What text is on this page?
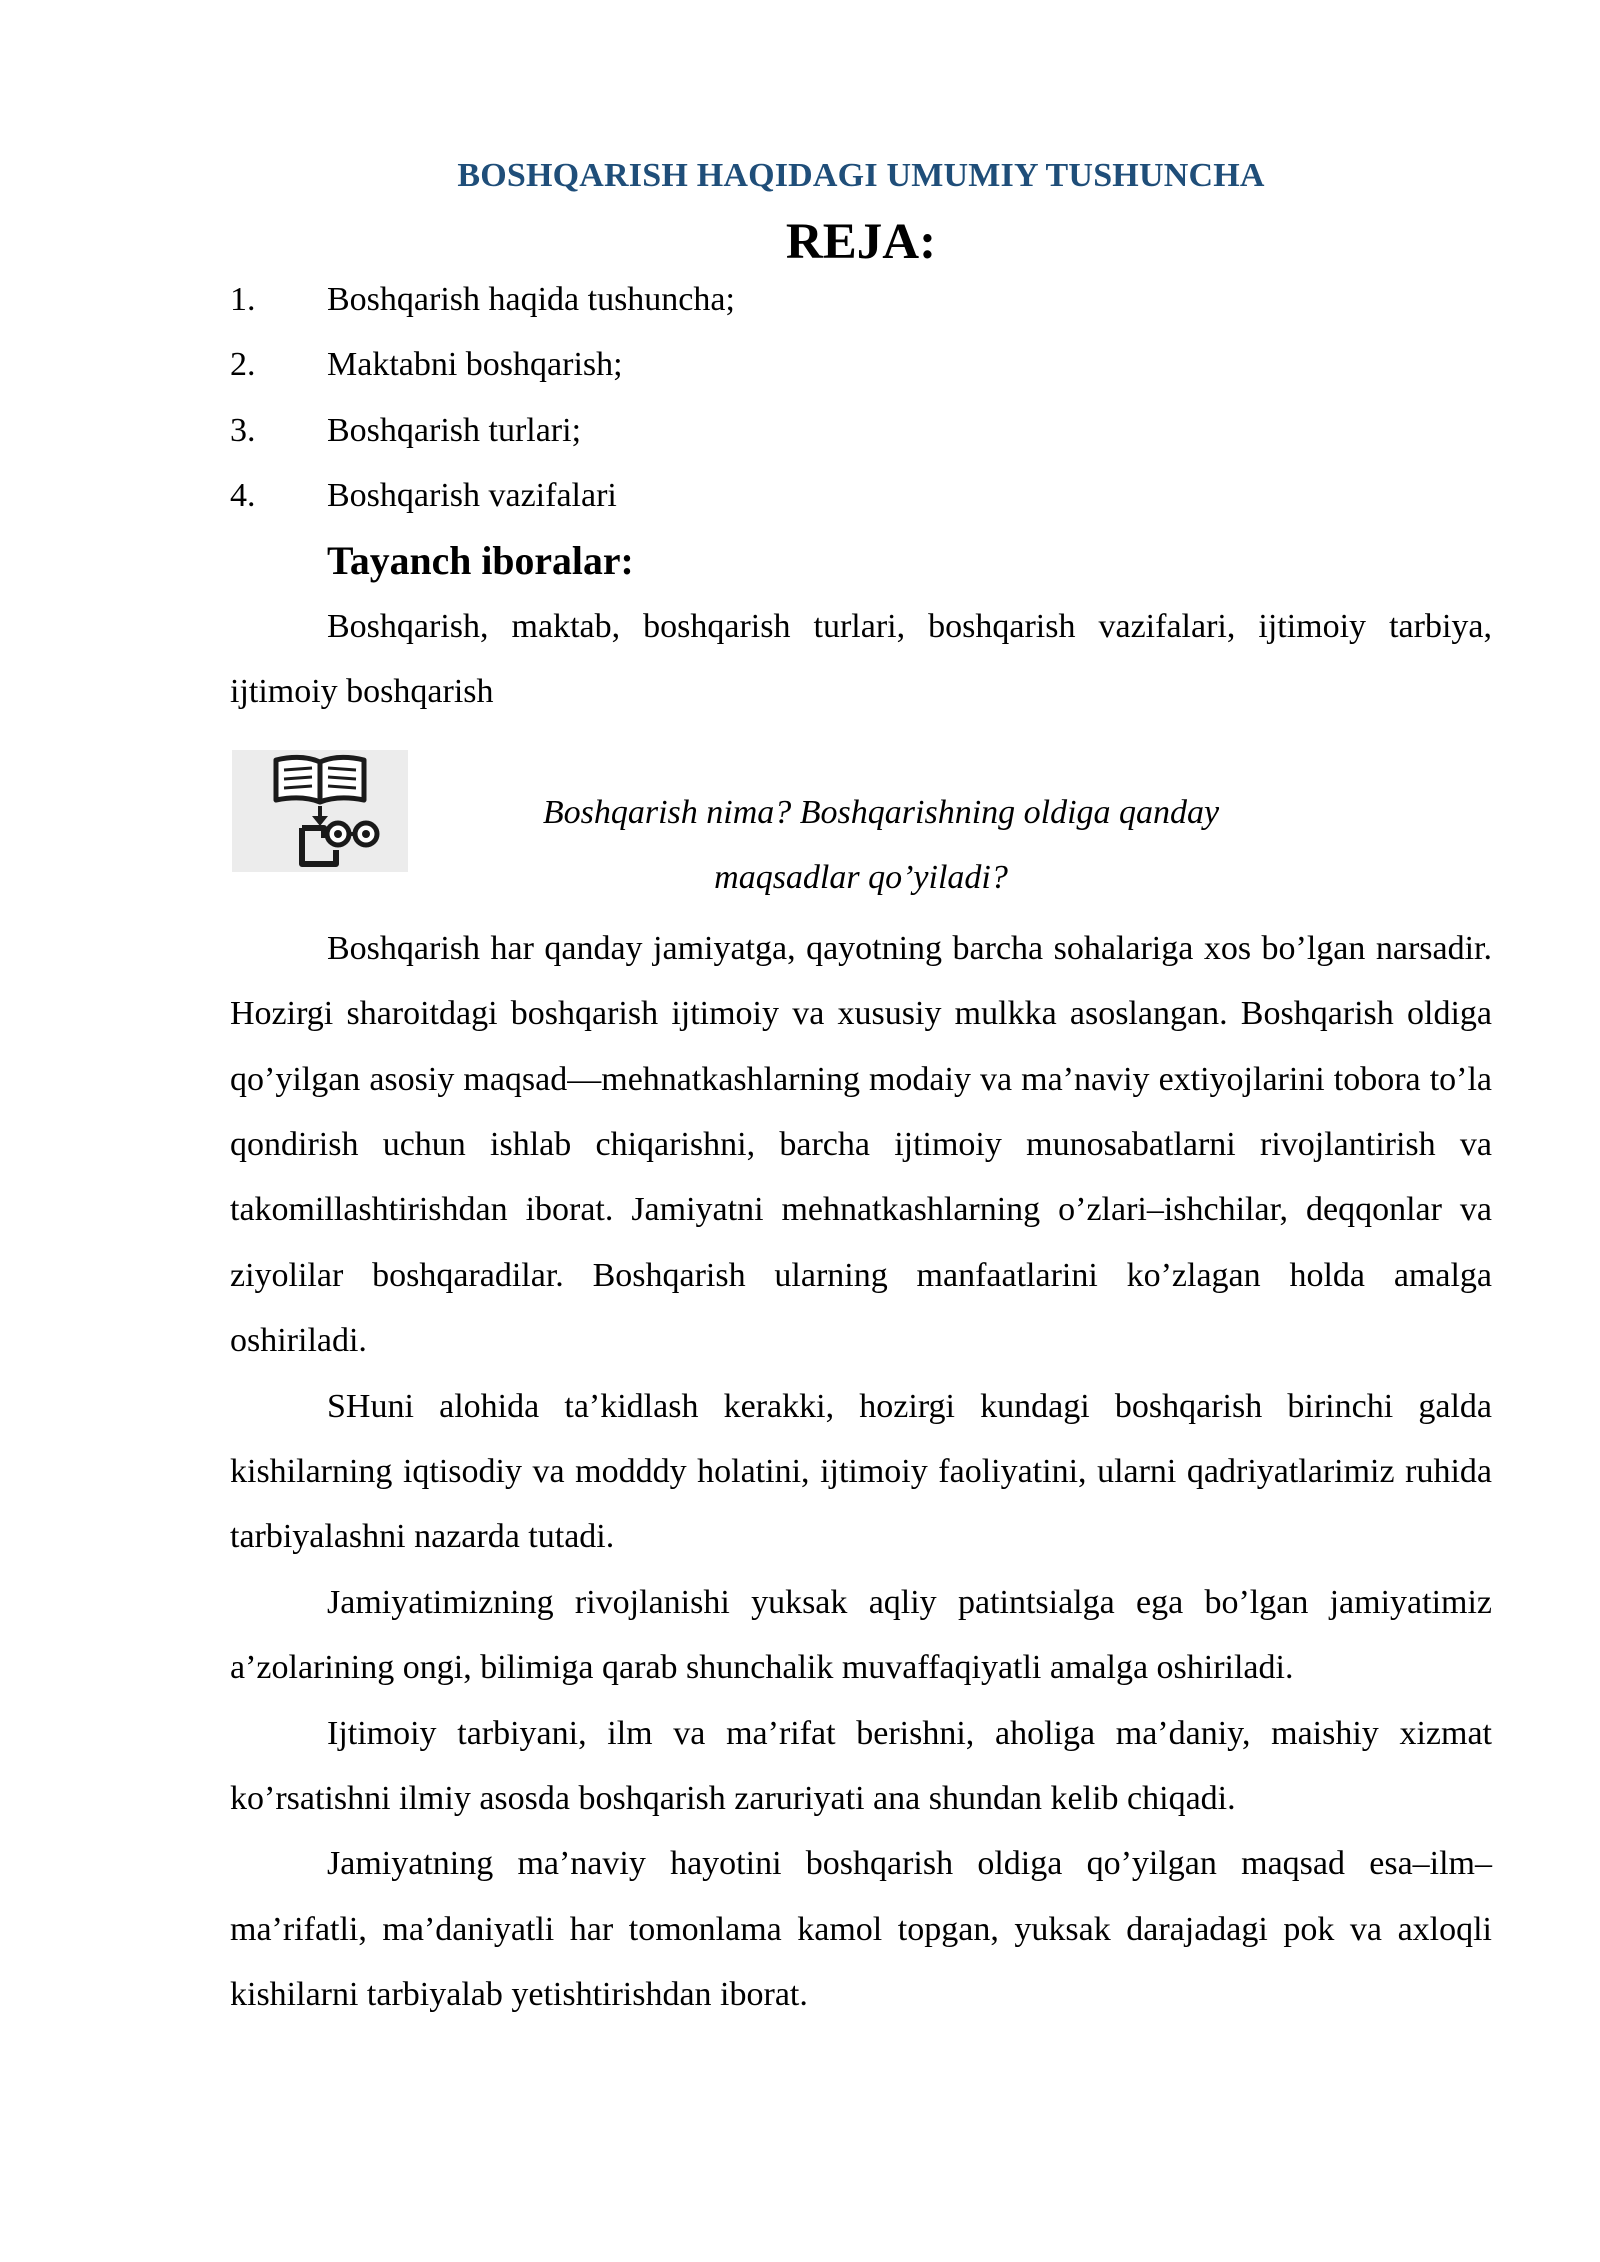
BOSHQARISH HAQIDAGI UMUMIY TUSHUNCHA
REJA:
1. Boshqarish haqida tushuncha;
2. Maktabni boshqarish;
3. Boshqarish turlari;
4. Boshqarish vazifalari
Tayanch iboralar:

Boshqarish, maktab, boshqarish turlari, boshqarish vazifalari, ijtimoiy tarbiya, ijtimoiy boshqarish

Boshqarish nima? Boshqarishning oldiga qanday
maqsadlar qo’yiladi?

Boshqarish har qanday jamiyatga, qayotning barcha sohalariga xos bo’lgan narsadir. Hozirgi sharoitdagi boshqarish ijtimoiy va xususiy mulkka asoslangan. Boshqarish oldiga qo’yilgan asosiy maqsad—mehnatkashlarning modaiy va ma’naviy extiyojlarini tobora to’la qondirish uchun ishlab chiqarishni, barcha ijtimoiy munosabatlarni rivojlantirish va takomillashtirishdan iborat. Jamiyatni mehnatkashlarning o’zlari–ishchilar, deqqonlar va ziyolilar boshqaradilar. Boshqarish ularning manfaatlarini ko’zlagan holda amalga oshiriladi.

SHuni alohida ta’kidlash kerakki, hozirgi kundagi boshqarish birinchi galda kishilarning iqtisodiy va modddy holatini, ijtimoiy faoliyatini, ularni qadriyatlarimiz ruhida tarbiyalashni nazarda tutadi.

Jamiyatimizning rivojlanishi yuksak aqliy patintsialga ega bo’lgan jamiyatimiz a’zolarining ongi, bilimiga qarab shunchalik muvaffaqiyatli amalga oshiriladi.

Ijtimoiy tarbiyani, ilm va ma’rifat berishni, aholiga ma’daniy, maishiy xizmat ko’rsatishni ilmiy asosda boshqarish zaruriyati ana shundan kelib chiqadi.

Jamiyatning ma’naviy hayotini boshqarish oldiga qo’yilgan maqsad esa–ilm–ma’rifatli, ma’daniyatli har tomonlama kamol topgan, yuksak darajadagi pok va axloqli kishilarni tarbiyalab yetishtirishdan iborat.
